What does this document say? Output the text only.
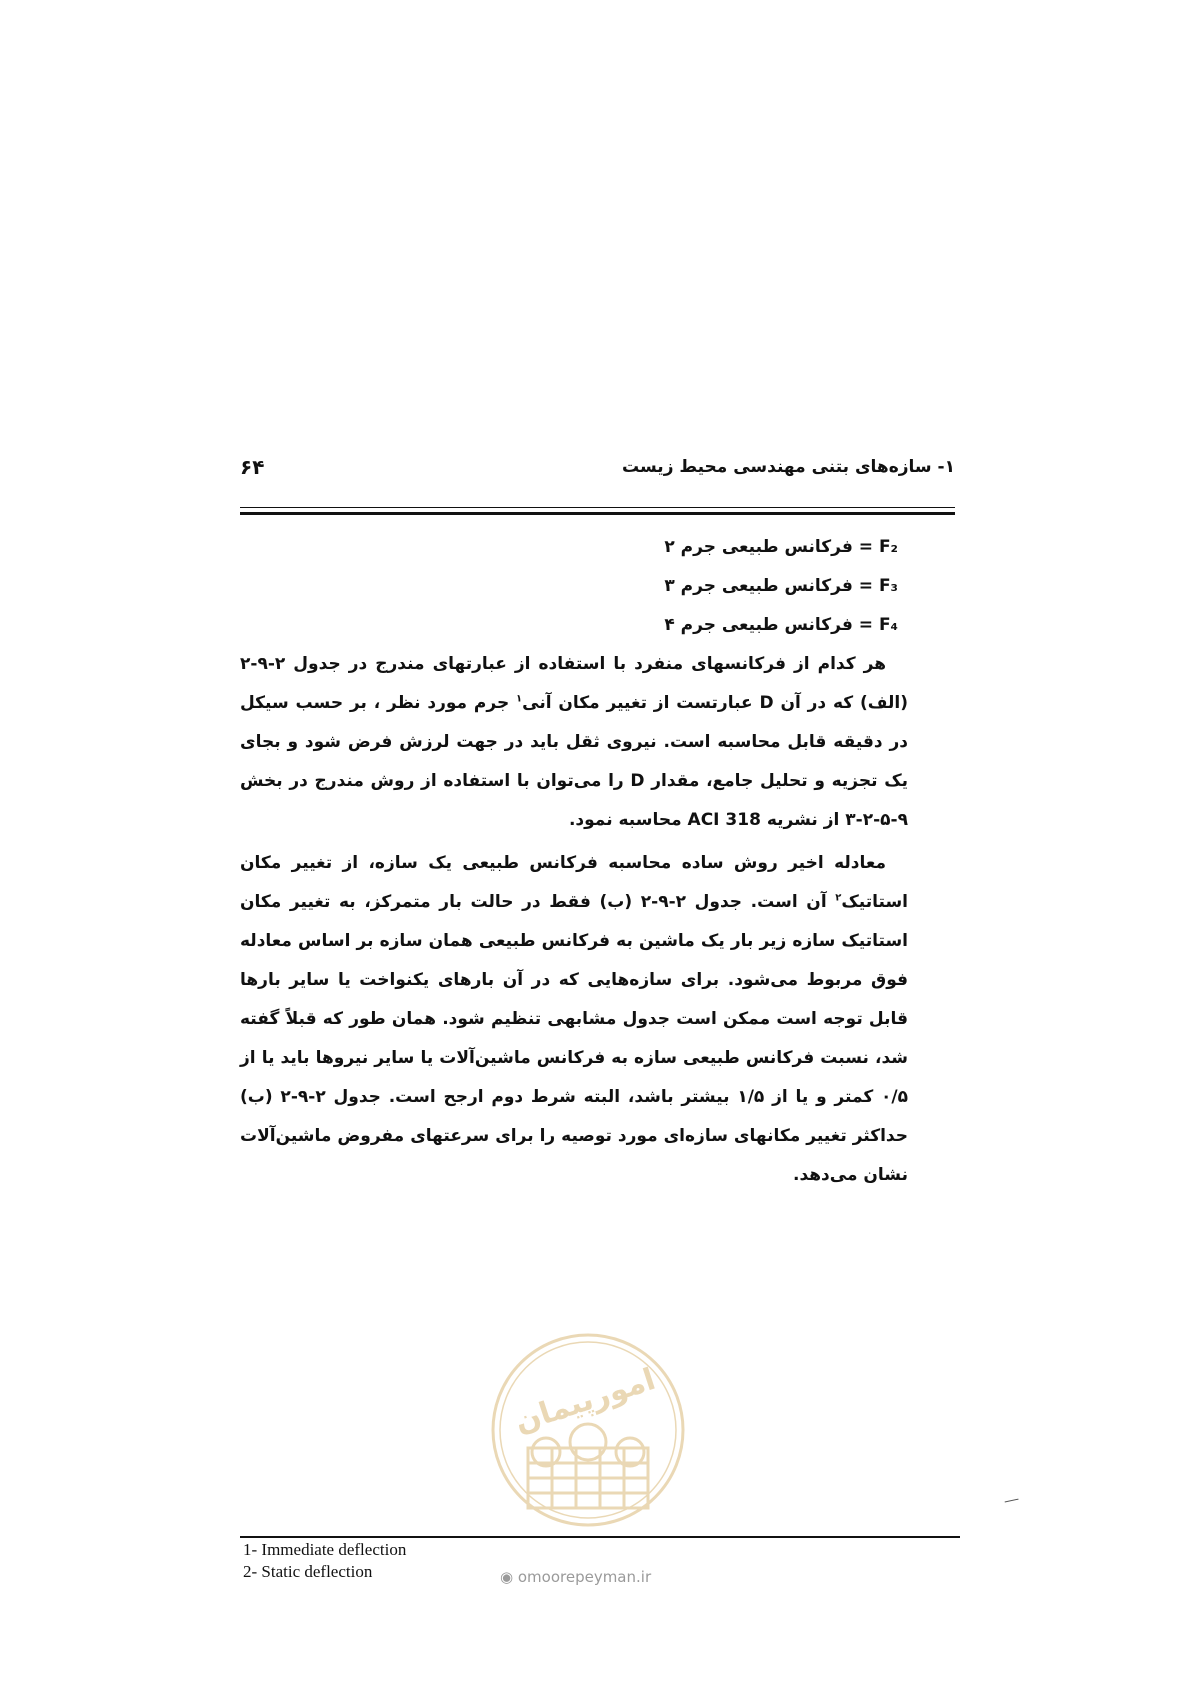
۶۴	۱- سازه‌های بتنی مهندسی محیط زیست
F₂ = فرکانس طبیعی جرم ۲
F₃ = فرکانس طبیعی جرم ۳
F₄ = فرکانس طبیعی جرم ۴

هر کدام از فرکانسهای منفرد با استفاده از عبارتهای مندرج در جدول ۲-۹-۲ (الف) که در آن D عبارتست از تغییر مکان آنی$^۱$ جرم مورد نظر ، بر حسب سیکل در دقیقه قابل محاسبه است. نیروی ثقل باید در جهت لرزش فرض شود و بجای یک تجزیه و تحلیل جامع، مقدار D را می‌توان با استفاده از روش مندرج در بخش ۹-۵-۲-۳ از نشریه ACI 318 محاسبه نمود.

معادله اخیر روش ساده محاسبه فرکانس طبیعی یک سازه، از تغییر مکان استاتیک$^۲$ آن است. جدول ۲-۹-۲ (ب) فقط در حالت بار متمرکز، به تغییر مکان استاتیک سازه زیر بار یک ماشین به فرکانس طبیعی همان سازه بر اساس معادله فوق مربوط می‌شود. برای سازه‌هایی که در آن بارهای یکنواخت یا سایر بارها قابل توجه است ممکن است جدول مشابهی تنظیم شود. همان طور که قبلاً گفته شد، نسبت فرکانس طبیعی سازه به فرکانس ماشین‌آلات یا سایر نیروها باید یا از ۰/۵ کمتر و یا از ۱/۵ بیشتر باشد، البته شرط دوم ارجح است. جدول ۲-۹-۲ (ب) حداکثر تغییر مکانهای سازه‌ای مورد توصیه را برای سرعتهای مفروض ماشین‌آلات نشان می‌دهد.

امورپیمان
◉ omoorepeyman.ir
1- Immediate deflection
2- Static deflection
